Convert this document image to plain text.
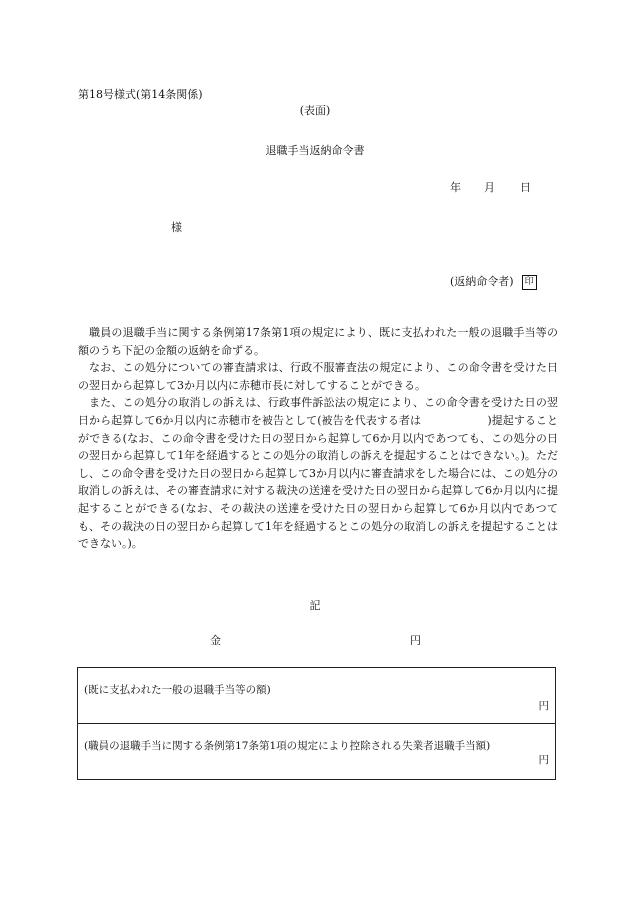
第18号様式(第14条関係)
(表面)
退職手当返納命令書
年 月 日
様
(返納命令者) 印

職員の退職手当に関する条例第17条第1項の規定により、既に支払われた一般の退職手当等の額のうち下記の金額の返納を命ずる。

なお、この処分についての審査請求は、行政不服審査法の規定により、この命令書を受けた日の翌日から起算して3か月以内に赤穂市長に対してすることができる。

また、この処分の取消しの訴えは、行政事件訴訟法の規定により、この命令書を受けた日の翌日から起算して6か月以内に赤穂市を被告として(被告を代表する者は　　　　　　)提起することができる(なお、この命令書を受けた日の翌日から起算して6か月以内であつても、この処分の日の翌日から起算して1年を経過するとこの処分の取消しの訴えを提起することはできない。)。ただし、この命令書を受けた日の翌日から起算して3か月以内に審査請求をした場合には、この処分の取消しの訴えは、その審査請求に対する裁決の送達を受けた日の翌日から起算して6か月以内に提起することができる(なお、その裁決の送達を受けた日の翌日から起算して6か月以内であつても、その裁決の日の翌日から起算して1年を経過するとこの処分の取消しの訴えを提起することはできない。)。

記
金	円
(既に支払われた一般の退職手当等の額)
円
(職員の退職手当に関する条例第17条第1項の規定により控除される失業者退職手当額)
円
